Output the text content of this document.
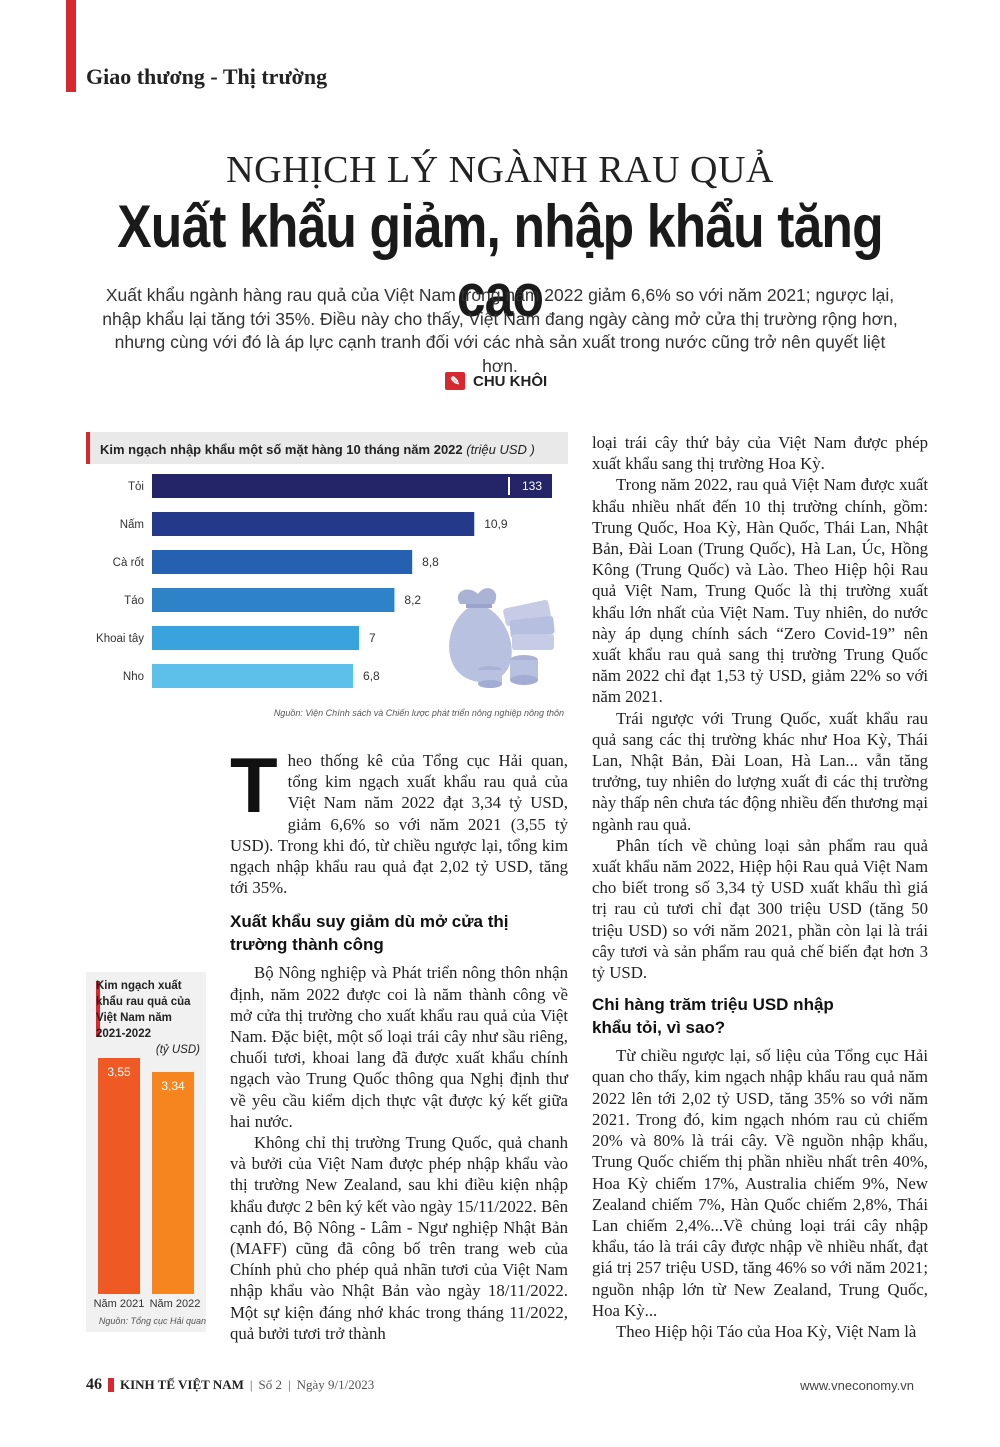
Giao thương - Thị trường
NGHỊCH LÝ NGÀNH RAU QUẢ
Xuất khẩu giảm, nhập khẩu tăng cao
Xuất khẩu ngành hàng rau quả của Việt Nam trong năm 2022 giảm 6,6% so với năm 2021; ngược lại, nhập khẩu lại tăng tới 35%. Điều này cho thấy, Việt Nam đang ngày càng mở cửa thị trường rộng hơn, nhưng cùng với đó là áp lực cạnh tranh đối với các nhà sản xuất trong nước cũng trở nên quyết liệt hơn.
✎ CHU KHÔI
Kim ngạch nhập khẩu một số mặt hàng 10 tháng năm 2022 (triệu USD )
Tỏi	133
Nấm	10,9
Cà rốt	8,8
Táo	8,2
Khoai tây	7
Nho	6,8
Nguồn: Viện Chính sách và Chiến lược phát triển nông nghiệp nông thôn
Kim ngạch xuất khẩu rau quả của Việt Nam năm 2021-2022
(tỷ USD)
3,55
Năm 2021
3,34
Năm 2022
Nguồn: Tổng cục Hải quan

Theo thống kê của Tổng cục Hải quan, tổng kim ngạch xuất khẩu rau quả của Việt Nam năm 2022 đạt 3,34 tỷ USD, giảm 6,6% so với năm 2021 (3,55 tỷ USD). Trong khi đó, từ chiều ngược lại, tổng kim ngạch nhập khẩu rau quả đạt 2,02 tỷ USD, tăng tới 35%.

Xuất khẩu suy giảm dù mở cửa thị trường thành công

Bộ Nông nghiệp và Phát triển nông thôn nhận định, năm 2022 được coi là năm thành công về mở cửa thị trường cho xuất khẩu rau quả của Việt Nam. Đặc biệt, một số loại trái cây như sầu riêng, chuối tươi, khoai lang đã được xuất khẩu chính ngạch vào Trung Quốc thông qua Nghị định thư về yêu cầu kiểm dịch thực vật được ký kết giữa hai nước.

Không chỉ thị trường Trung Quốc, quả chanh và bưởi của Việt Nam được phép nhập khẩu vào thị trường New Zealand, sau khi điều kiện nhập khẩu được 2 bên ký kết vào ngày 15/11/2022. Bên cạnh đó, Bộ Nông - Lâm - Ngư nghiệp Nhật Bản (MAFF) cũng đã công bố trên trang web của Chính phủ cho phép quả nhãn tươi của Việt Nam nhập khẩu vào Nhật Bản vào ngày 18/11/2022. Một sự kiện đáng nhớ khác trong tháng 11/2022, quả bưởi tươi trở thành

loại trái cây thứ bảy của Việt Nam được phép xuất khẩu sang thị trường Hoa Kỳ.

Trong năm 2022, rau quả Việt Nam được xuất khẩu nhiều nhất đến 10 thị trường chính, gồm: Trung Quốc, Hoa Kỳ, Hàn Quốc, Thái Lan, Nhật Bản, Đài Loan (Trung Quốc), Hà Lan, Úc, Hồng Kông (Trung Quốc) và Lào. Theo Hiệp hội Rau quả Việt Nam, Trung Quốc là thị trường xuất khẩu lớn nhất của Việt Nam. Tuy nhiên, do nước này áp dụng chính sách “Zero Covid-19” nên xuất khẩu rau quả sang thị trường Trung Quốc năm 2022 chỉ đạt 1,53 tỷ USD, giảm 22% so với năm 2021.

Trái ngược với Trung Quốc, xuất khẩu rau quả sang các thị trường khác như Hoa Kỳ, Thái Lan, Nhật Bản, Đài Loan, Hà Lan... vẫn tăng trưởng, tuy nhiên do lượng xuất đi các thị trường này thấp nên chưa tác động nhiều đến thương mại ngành rau quả.

Phân tích về chủng loại sản phẩm rau quả xuất khẩu năm 2022, Hiệp hội Rau quả Việt Nam cho biết trong số 3,34 tỷ USD xuất khẩu thì giá trị rau củ tươi chỉ đạt 300 triệu USD (tăng 50 triệu USD) so với năm 2021, phần còn lại là trái cây tươi và sản phẩm rau quả chế biến đạt hơn 3 tỷ USD.

Chi hàng trăm triệu USD nhập khẩu tỏi, vì sao?

Từ chiều ngược lại, số liệu của Tổng cục Hải quan cho thấy, kim ngạch nhập khẩu rau quả năm 2022 lên tới 2,02 tỷ USD, tăng 35% so với năm 2021. Trong đó, kim ngạch nhóm rau củ chiếm 20% và 80% là trái cây. Về nguồn nhập khẩu, Trung Quốc chiếm thị phần nhiều nhất trên 40%, Hoa Kỳ chiếm 17%, Australia chiếm 9%, New Zealand chiếm 7%, Hàn Quốc chiếm 2,8%, Thái Lan chiếm 2,4%...Về chủng loại trái cây nhập khẩu, táo là trái cây được nhập về nhiều nhất, đạt giá trị 257 triệu USD, tăng 46% so với năm 2021; nguồn nhập lớn từ New Zealand, Trung Quốc, Hoa Kỳ...

Theo Hiệp hội Táo của Hoa Kỳ, Việt Nam là

46 KINH TẾ VIỆT NAM | Số 2 | Ngày 9/1/2023	www.vneconomy.vn
